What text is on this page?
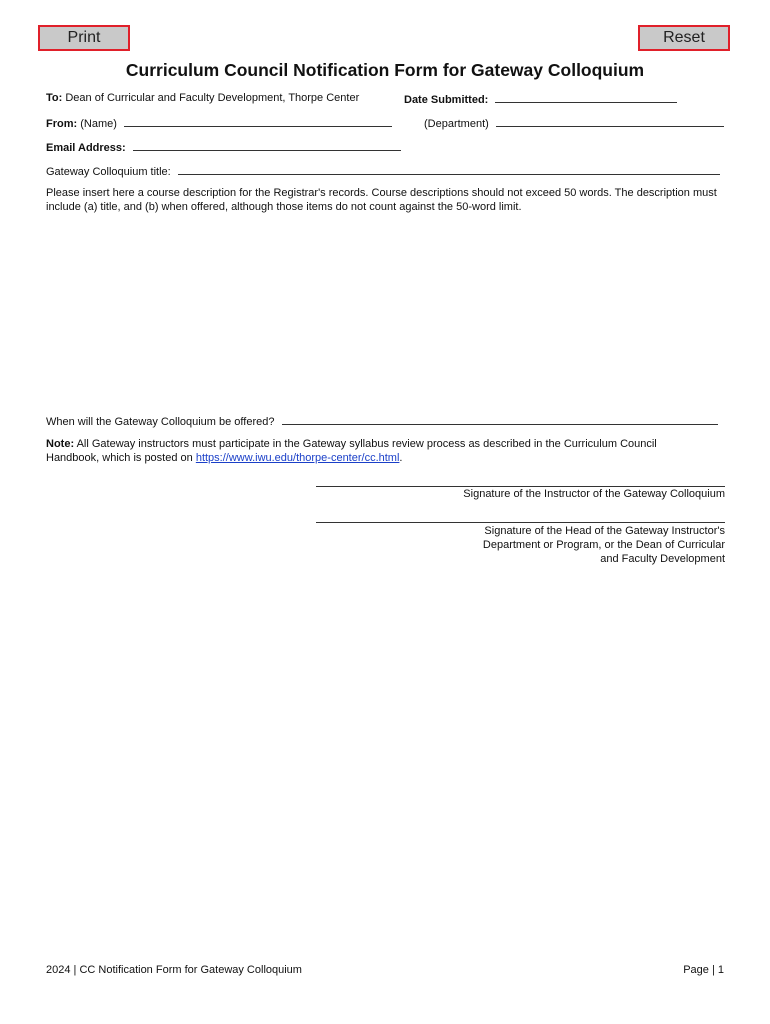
Print	Reset
Curriculum Council Notification Form for Gateway Colloquium
To: Dean of Curricular and Faculty Development, Thorpe Center	Date Submitted:
From: (Name)	(Department)
Email Address:
Gateway Colloquium title:
Please insert here a course description for the Registrar's records. Course descriptions should not exceed 50 words. The description must include (a) title, and (b) when offered, although those items do not count against the 50-word limit.
When will the Gateway Colloquium be offered?
Note: All Gateway instructors must participate in the Gateway syllabus review process as described in the Curriculum Council Handbook, which is posted on https://www.iwu.edu/thorpe-center/cc.html.
Signature of the Instructor of the Gateway Colloquium
Signature of the Head of the Gateway Instructor's
Department or Program, or the Dean of Curricular
and Faculty Development
2024 | CC Notification Form for Gateway Colloquium	Page | 1
